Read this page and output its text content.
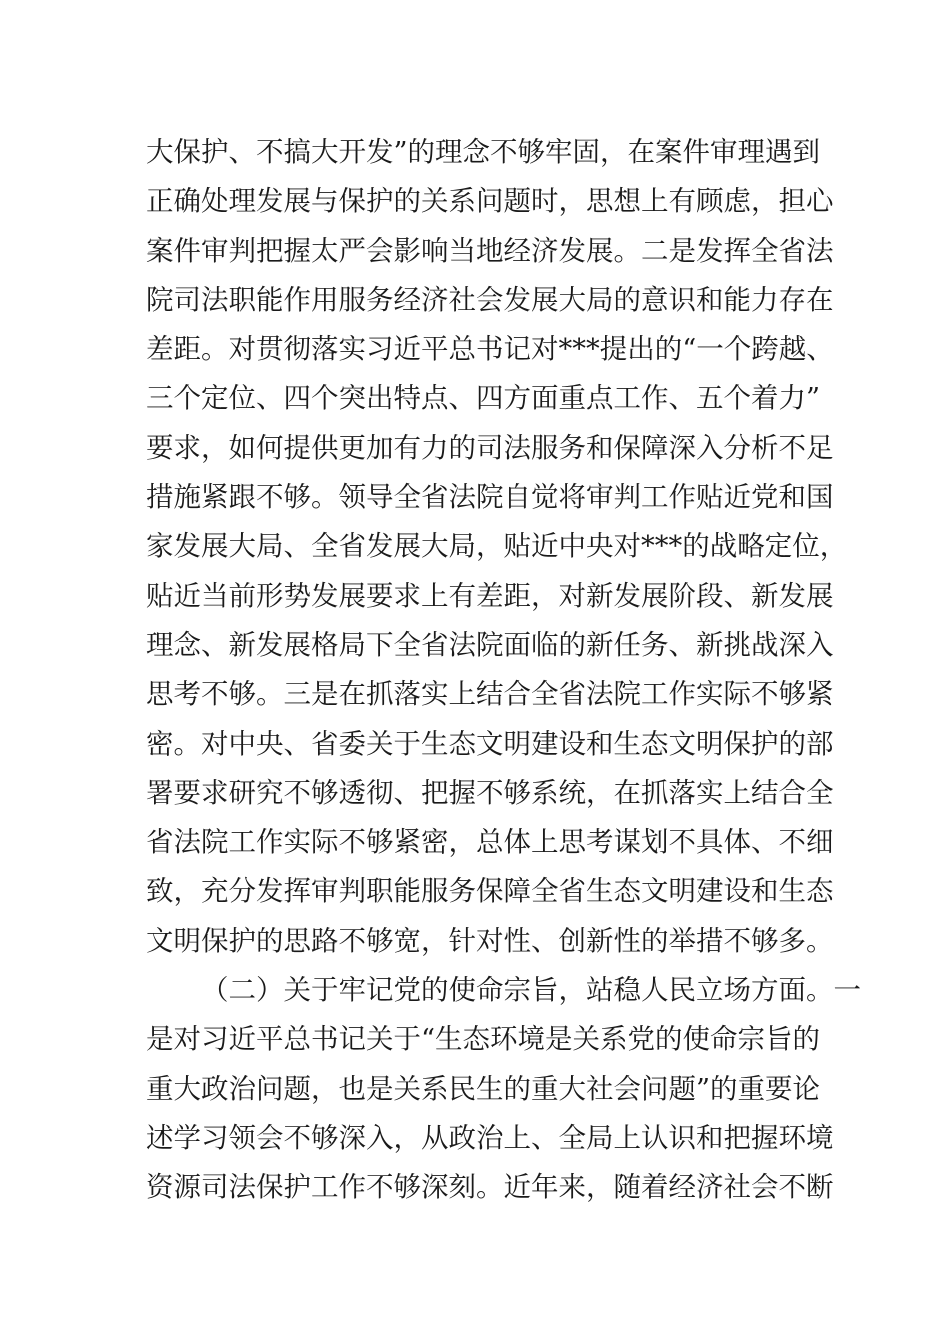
大保护、不搞大开发”的理念不够牢固，在案件审理遇到
正确处理发展与保护的关系问题时，思想上有顾虑，担心
案件审判把握太严会影响当地经济发展。二是发挥全省法
院司法职能作用服务经济社会发展大局的意识和能力存在
差距。对贯彻落实习近平总书记对***提出的“一个跨越、
三个定位、四个突出特点、四方面重点工作、五个着力”
要求，如何提供更加有力的司法服务和保障深入分析不足
措施紧跟不够。领导全省法院自觉将审判工作贴近党和国
家发展大局、全省发展大局，贴近中央对***的战略定位，
贴近当前形势发展要求上有差距，对新发展阶段、新发展
理念、新发展格局下全省法院面临的新任务、新挑战深入
思考不够。三是在抓落实上结合全省法院工作实际不够紧
密。对中央、省委关于生态文明建设和生态文明保护的部
署要求研究不够透彻、把握不够系统，在抓落实上结合全
省法院工作实际不够紧密，总体上思考谋划不具体、不细
致，充分发挥审判职能服务保障全省生态文明建设和生态
文明保护的思路不够宽，针对性、创新性的举措不够多。
（二）关于牢记党的使命宗旨，站稳人民立场方面。一
是对习近平总书记关于“生态环境是关系党的使命宗旨的
重大政治问题，也是关系民生的重大社会问题”的重要论
述学习领会不够深入，从政治上、全局上认识和把握环境
资源司法保护工作不够深刻。近年来，随着经济社会不断
